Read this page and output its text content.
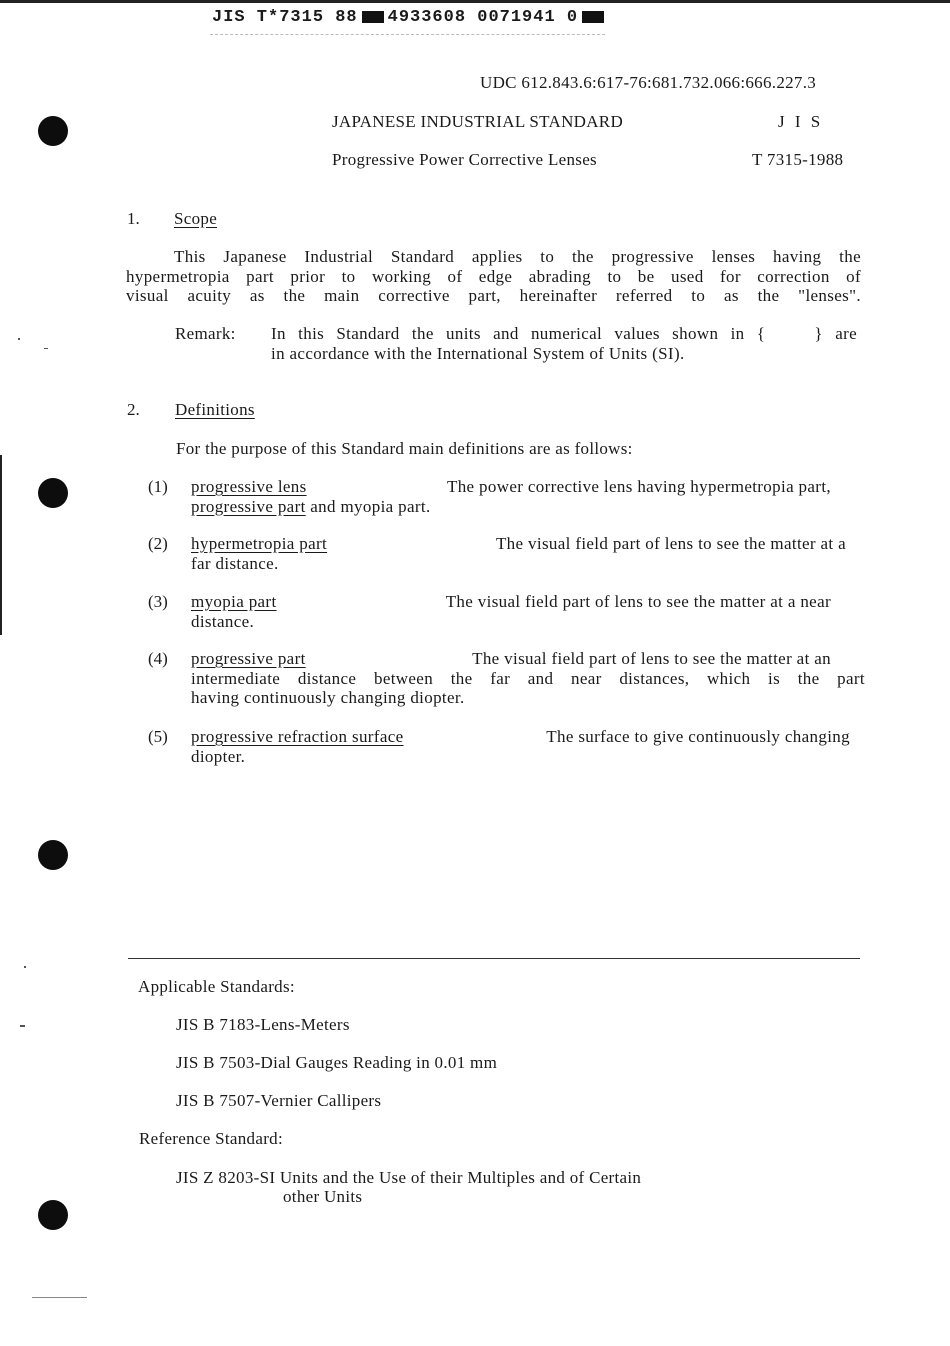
JIS T*7315 88 4933608 0071941 0
UDC 612.843.6:617-76:681.732.066:666.227.3
JAPANESE INDUSTRIAL STANDARD	J I S
Progressive Power Corrective Lenses	T 7315-1988
1. Scope
This Japanese Industrial Standard applies to the progressive lenses having the
hypermetropia part prior to working of edge abrading to be used for correction of
visual acuity as the main corrective part, hereinafter referred to as the "lenses".
Remark: In this Standard the units and numerical values shown in {    } are
in accordance with the International System of Units (SI).
2. Definitions
For the purpose of this Standard main definitions are as follows:
(1) progressive lens	The power corrective lens having hypermetropia part,
progressive part and myopia part.
(2) hypermetropia part	The visual field part of lens to see the matter at a
far distance.
(3) myopia part	The visual field part of lens to see the matter at a near
distance.
(4) progressive part	The visual field part of lens to see the matter at an
intermediate distance between the far and near distances, which is the part
having continuously changing diopter.
(5) progressive refraction surface	The surface to give continuously changing
diopter.
Applicable Standards:
JIS B 7183-Lens-Meters
JIS B 7503-Dial Gauges Reading in 0.01 mm
JIS B 7507-Vernier Callipers
Reference Standard:
JIS Z 8203-SI Units and the Use of their Multiples and of Certain
other Units
